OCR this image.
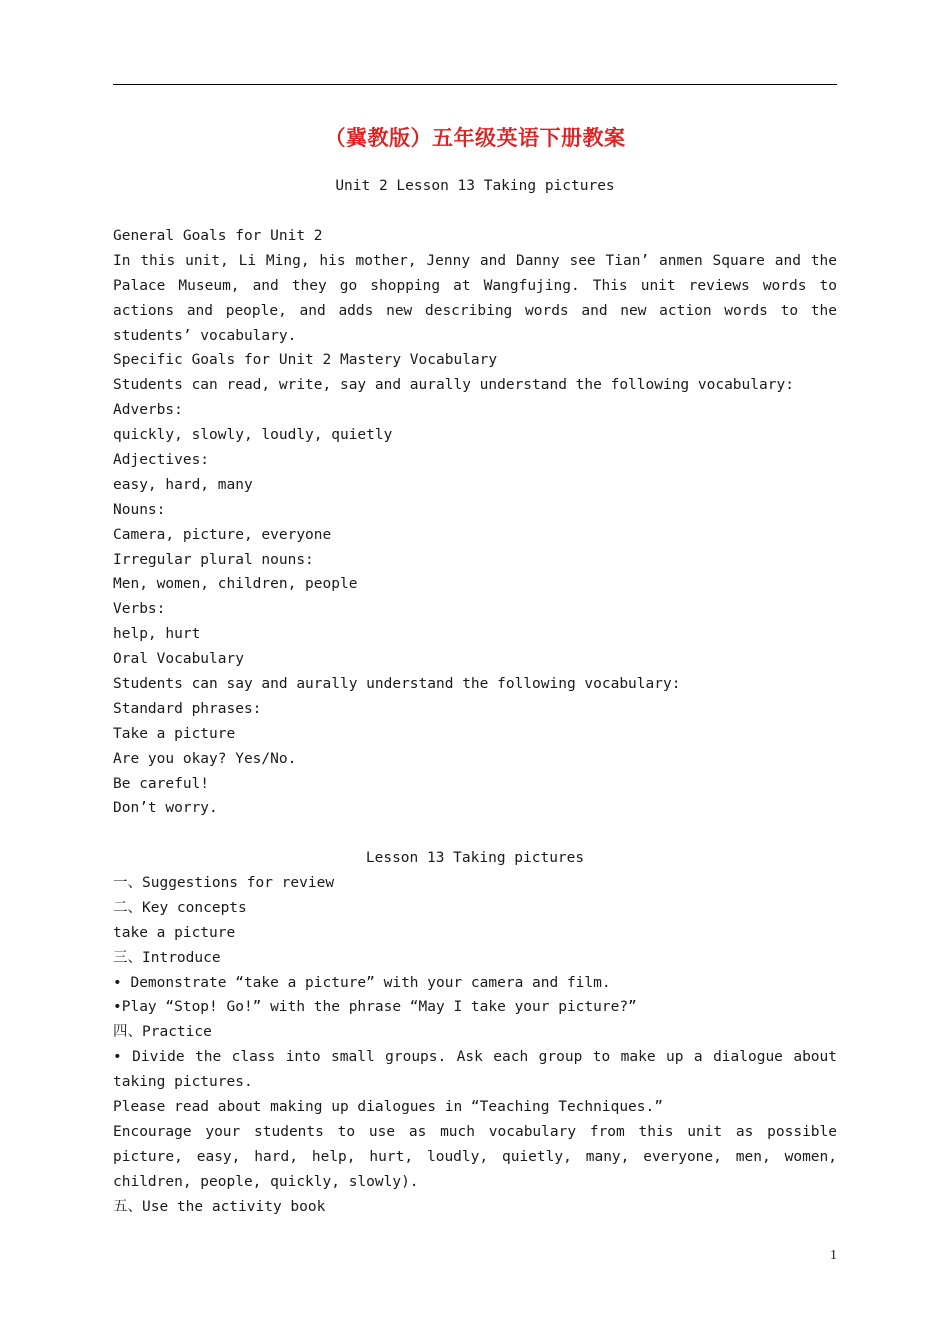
（冀教版）五年级英语下册教案
Unit 2 Lesson 13 Taking pictures
General Goals for Unit 2
In this unit, Li Ming, his mother, Jenny and Danny see Tian’ anmen Square and the
Palace Museum, and they go shopping at Wangfujing. This unit reviews words to
actions and people, and adds new describing words and new action words to the
students’ vocabulary.
Specific Goals for Unit 2 Mastery Vocabulary
Students can read, write, say and aurally understand the following vocabulary:
Adverbs:
quickly, slowly, loudly, quietly
Adjectives:
easy, hard, many
Nouns:
Camera, picture, everyone
Irregular plural nouns:
Men, women, children, people
Verbs:
help, hurt
Oral Vocabulary
Students can say and aurally understand the following vocabulary:
Standard phrases:
Take a picture
Are you okay? Yes/No.
Be careful!
Don’t worry.
Lesson 13 Taking pictures
一、Suggestions for review
二、Key concepts
take a picture
三、Introduce
• Demonstrate “take a picture” with your camera and film.
•Play “Stop! Go!” with the phrase “May I take your picture?”
四、Practice
• Divide the class into small groups. Ask each group to make up a dialogue about
taking pictures.
Please read about making up dialogues in “Teaching Techniques.”
Encourage your students to use as much vocabulary from this unit as possible
picture, easy, hard, help, hurt, loudly, quietly, many, everyone, men, women,
children, people, quickly, slowly).
五、Use the activity book
1
